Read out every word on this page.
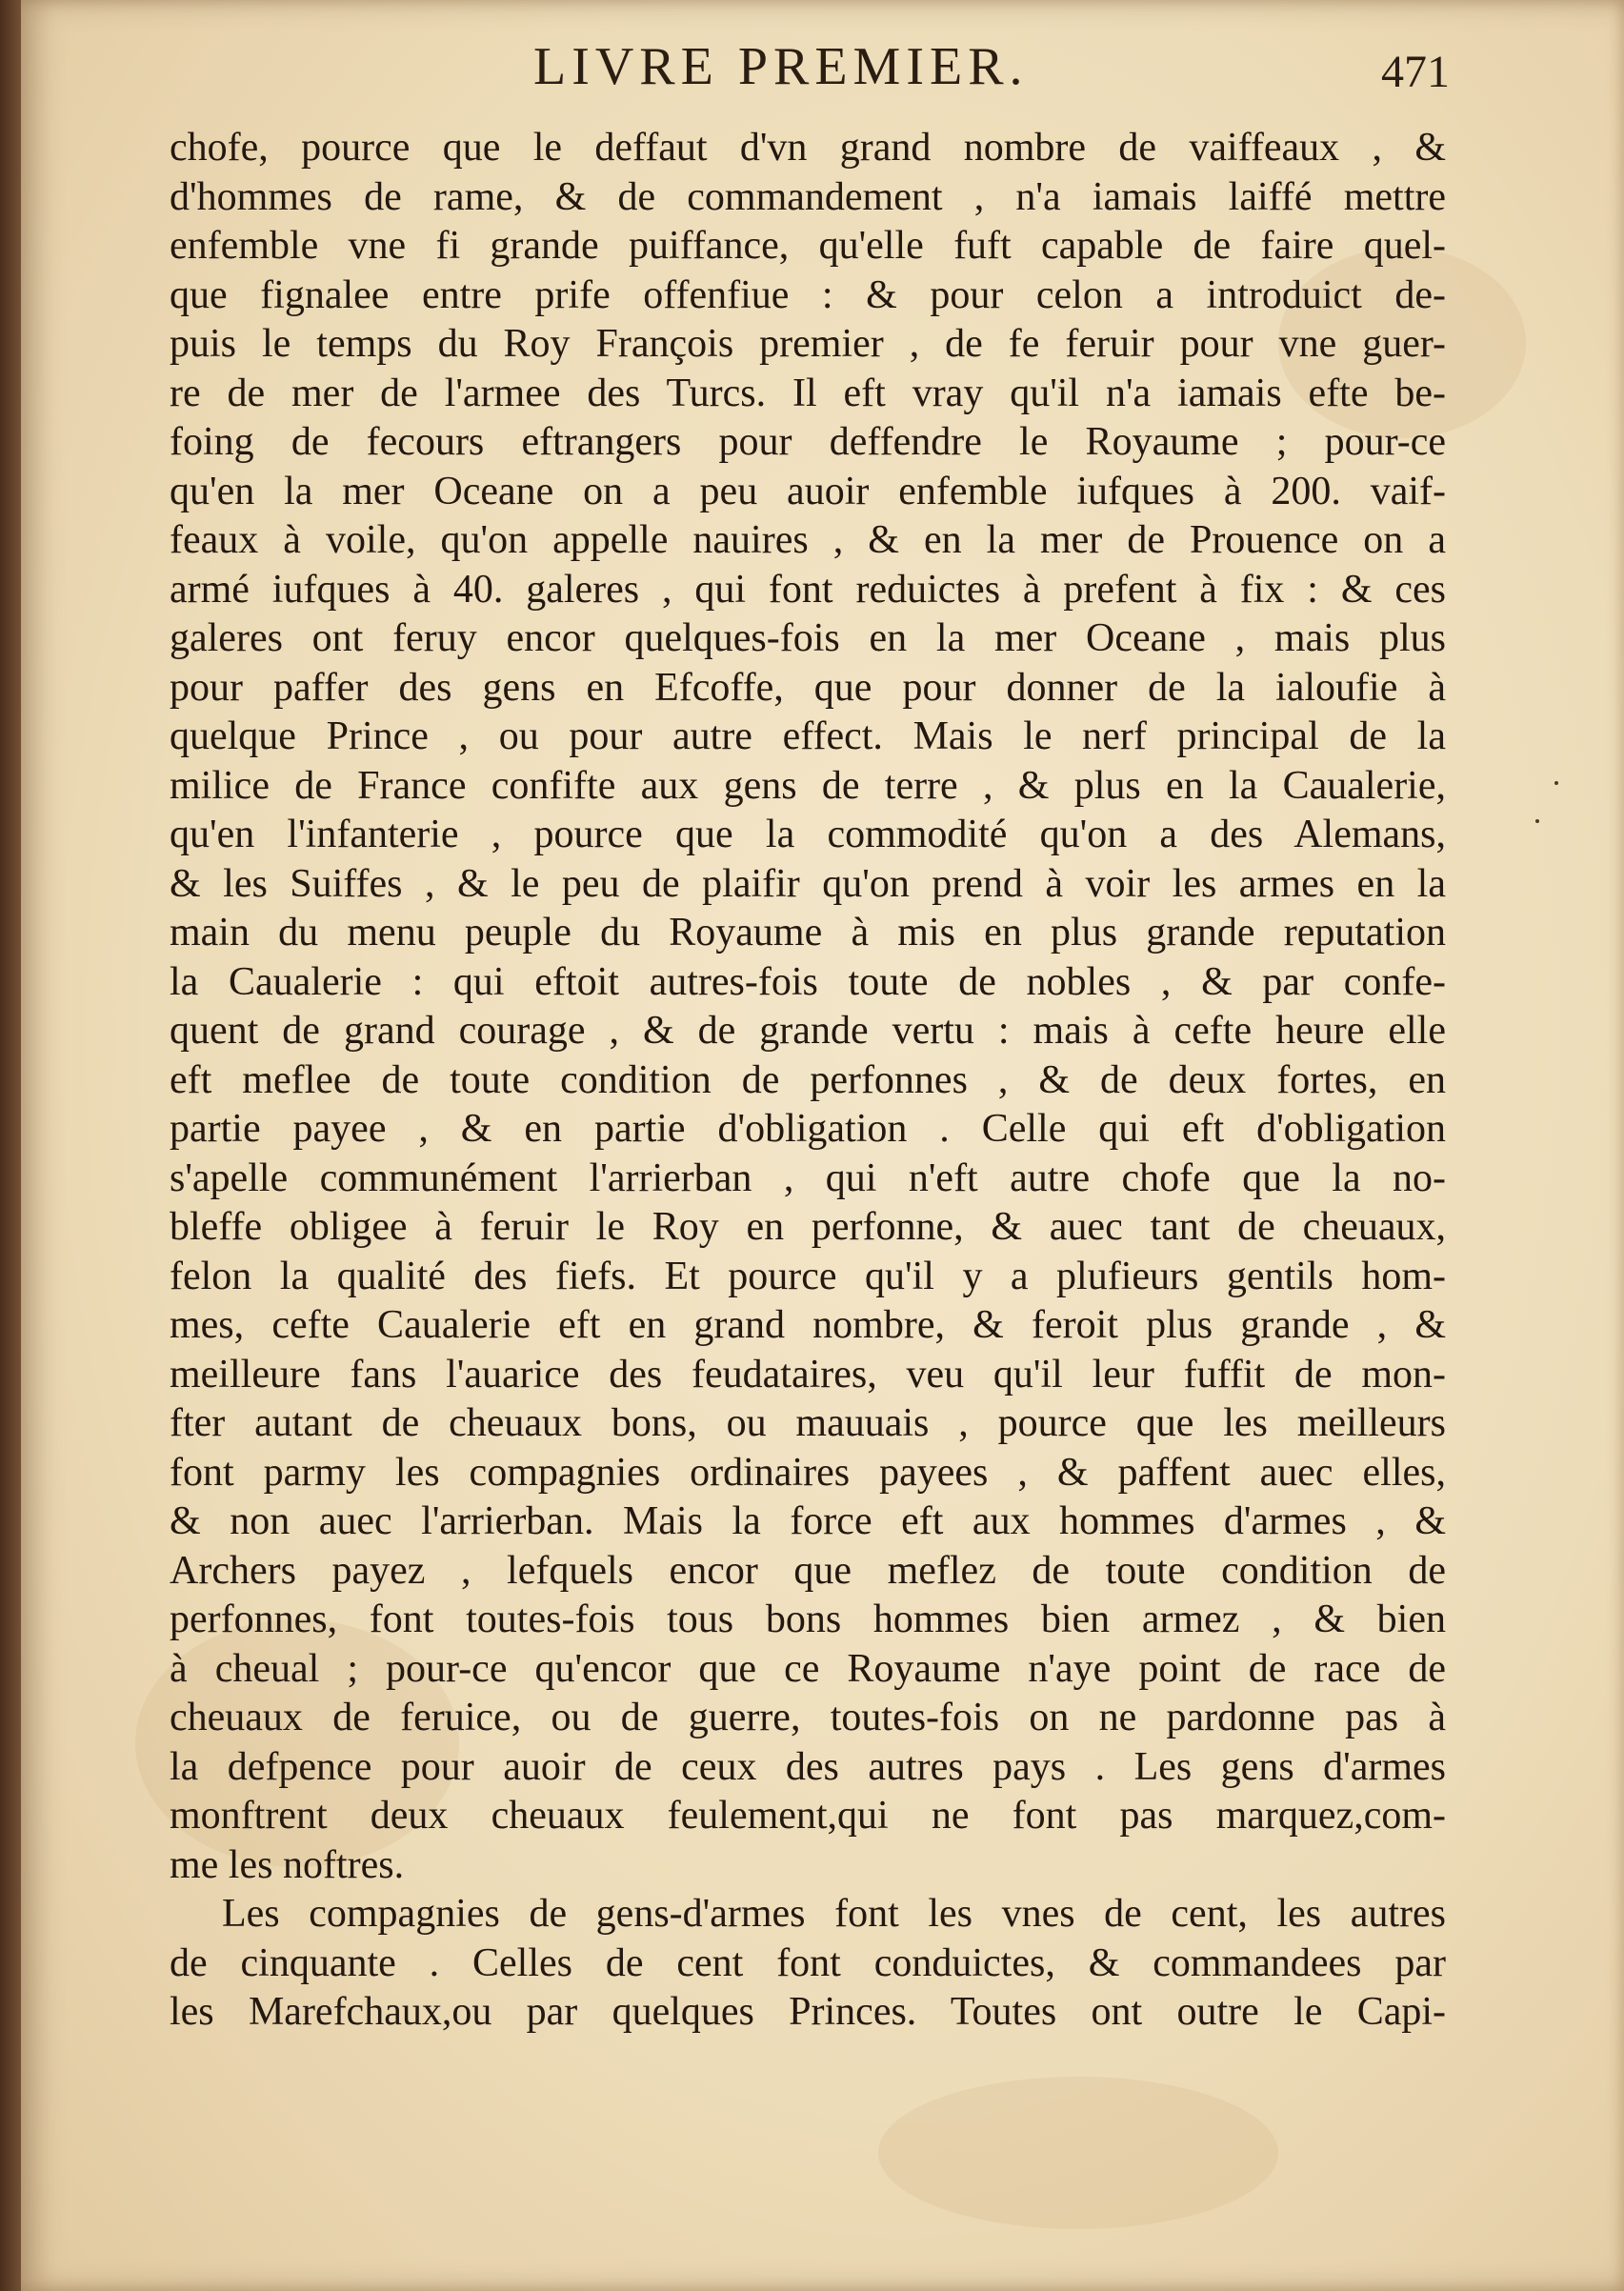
LIVRE PREMIER.	471
chofe, pource que le deffaut d'vn grand nombre de vaiffeaux , &
d'hommes de rame, & de commandement , n'a iamais laiffé mettre
enfemble vne fi grande puiffance, qu'elle fuft capable de faire quel-
que fignalee entre prife offenfiue : & pour celon a introduict de-
puis le temps du Roy François premier , de fe feruir pour vne guer-
re de mer de l'armee des Turcs. Il eft vray qu'il n'a iamais efte be-
foing de fecours eftrangers pour deffendre le Royaume ; pour-ce
qu'en la mer Oceane on a peu auoir enfemble iufques à 200. vaif-
feaux à voile, qu'on appelle nauires , & en la mer de Prouence on a
armé iufques à 40. galeres , qui font reduictes à prefent à fix : & ces
galeres ont feruy encor quelques-fois en la mer Oceane , mais plus
pour paffer des gens en Efcoffe, que pour donner de la ialoufie à
quelque Prince , ou pour autre effect. Mais le nerf principal de la
milice de France confifte aux gens de terre , & plus en la Caualerie,
qu'en l'infanterie , pource que la commodité qu'on a des Alemans,
& les Suiffes , & le peu de plaifir qu'on prend à voir les armes en la
main du menu peuple du Royaume à mis en plus grande reputation
la Caualerie : qui eftoit autres-fois toute de nobles , & par confe-
quent de grand courage , & de grande vertu : mais à cefte heure elle
eft meflee de toute condition de perfonnes , & de deux fortes, en
partie payee , & en partie d'obligation . Celle qui eft d'obligation
s'apelle communément l'arrierban , qui n'eft autre chofe que la no-
bleffe obligee à feruir le Roy en perfonne, & auec tant de cheuaux,
felon la qualité des fiefs. Et pource qu'il y a plufieurs gentils hom-
mes, cefte Caualerie eft en grand nombre, & feroit plus grande , &
meilleure fans l'auarice des feudataires, veu qu'il leur fuffit de mon-
fter autant de cheuaux bons, ou mauuais , pource que les meilleurs
font parmy les compagnies ordinaires payees , & paffent auec elles,
& non auec l'arrierban. Mais la force eft aux hommes d'armes , &
Archers payez , lefquels encor que meflez de toute condition de
perfonnes, font toutes-fois tous bons hommes bien armez , & bien
à cheual ; pour-ce qu'encor que ce Royaume n'aye point de race de
cheuaux de feruice, ou de guerre, toutes-fois on ne pardonne pas à
la defpence pour auoir de ceux des autres pays . Les gens d'armes
monftrent deux cheuaux feulement,qui ne font pas marquez,com-
me les noftres.
Les compagnies de gens-d'armes font les vnes de cent, les autres
de cinquante . Celles de cent font conduictes, & commandees par
les Marefchaux,ou par quelques Princes. Toutes ont outre le Capi-
